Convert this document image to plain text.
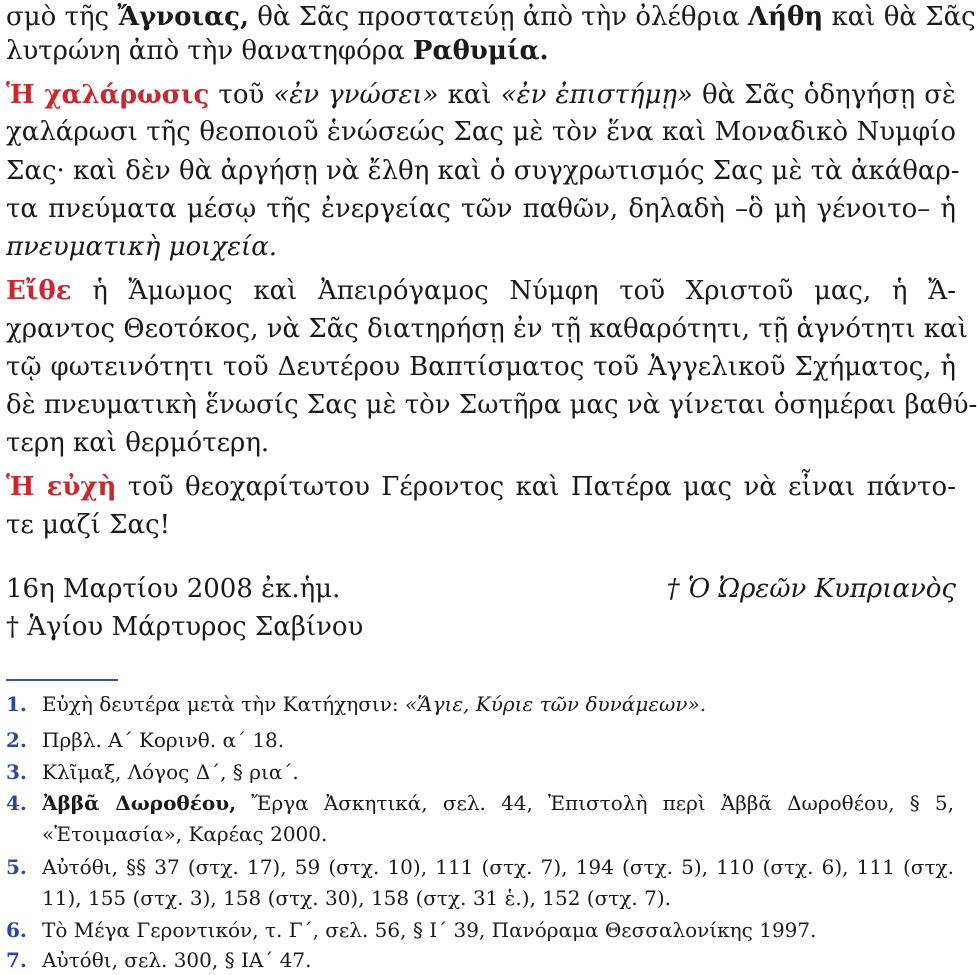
σμὸ τῆς Ἄγνοιας, θὰ Σᾶς προστατεύῃ ἀπὸ τὴν ὀλέθρια Λήθη καὶ θὰ Σᾶς
λυτρώνη ἀπὸ τὴν θανατηφόρα Ραθυμία.
Ἡ χαλάρωσις τοῦ «ἐν γνώσει» καὶ «ἐν ἐπιστήμῃ» θὰ Σᾶς ὁδηγήσῃ σὲ
χαλάρωσι τῆς θεοποιοῦ ἑνώσεώς Σας μὲ τὸν ἕνα καὶ Μοναδικὸ Νυμφίο
Σας· καὶ δὲν θὰ ἀργήσῃ νὰ ἔλθη καὶ ὁ συγχρωτισμός Σας μὲ τὰ ἀκάθαρ-
τα πνεύματα μέσῳ τῆς ἐνεργείας τῶν παθῶν, δηλαδὴ –ὃ μὴ γένοιτο– ἡ
πνευματικὴ μοιχεία.
Εἴθε ἡ Ἄμωμος καὶ Ἀπειρόγαμος Νύμφη τοῦ Χριστοῦ μας, ἡ Ἄ-
χραντος Θεοτόκος, νὰ Σᾶς διατηρήσῃ ἐν τῇ καθαρότητι, τῇ ἁγνότητι καὶ
τῷ φωτεινότητι τοῦ Δευτέρου Βαπτίσματος τοῦ Ἀγγελικοῦ Σχήματος, ἡ
δὲ πνευματικὴ ἕνωσίς Σας μὲ τὸν Σωτῆρα μας νὰ γίνεται ὁσημέραι βαθύ-
τερη καὶ θερμότερη.
Ἡ εὐχὴ τοῦ θεοχαρίτωτου Γέροντος καὶ Πατέρα μας νὰ εἶναι πάντο-
τε μαζί Σας!
16η Μαρτίου 2008 ἐκ.ἡμ.	† Ὁ Ὠρεῶν Κυπριανὸς
† Ἁγίου Μάρτυρος Σαβίνου
1. Εὐχὴ δευτέρα μετὰ τὴν Κατήχησιν: «Ἅγιε, Κύριε τῶν δυνάμεων».
2. Πρβλ. Α΄ Κορινθ. α΄ 18.
3. Κλῖμαξ, Λόγος Δ΄, § ρια΄.
4. Ἀββᾶ Δωροθέου, Ἔργα Ἀσκητικά, σελ. 44, Ἐπιστολὴ περὶ Ἀββᾶ Δωροθέου, § 5,
«Ἑτοιμασία», Καρέας 2000.
5. Αὐτόθι, §§ 37 (στχ. 17), 59 (στχ. 10), 111 (στχ. 7), 194 (στχ. 5), 110 (στχ. 6), 111 (στχ.
11), 155 (στχ. 3), 158 (στχ. 30), 158 (στχ. 31 ἑ.), 152 (στχ. 7).
6. Τὸ Μέγα Γεροντικόν, τ. Γ΄, σελ. 56, § Ι΄ 39, Πανόραμα Θεσσαλονίκης 1997.
7. Αὐτόθι, σελ. 300, § ΙΑ΄ 47.
